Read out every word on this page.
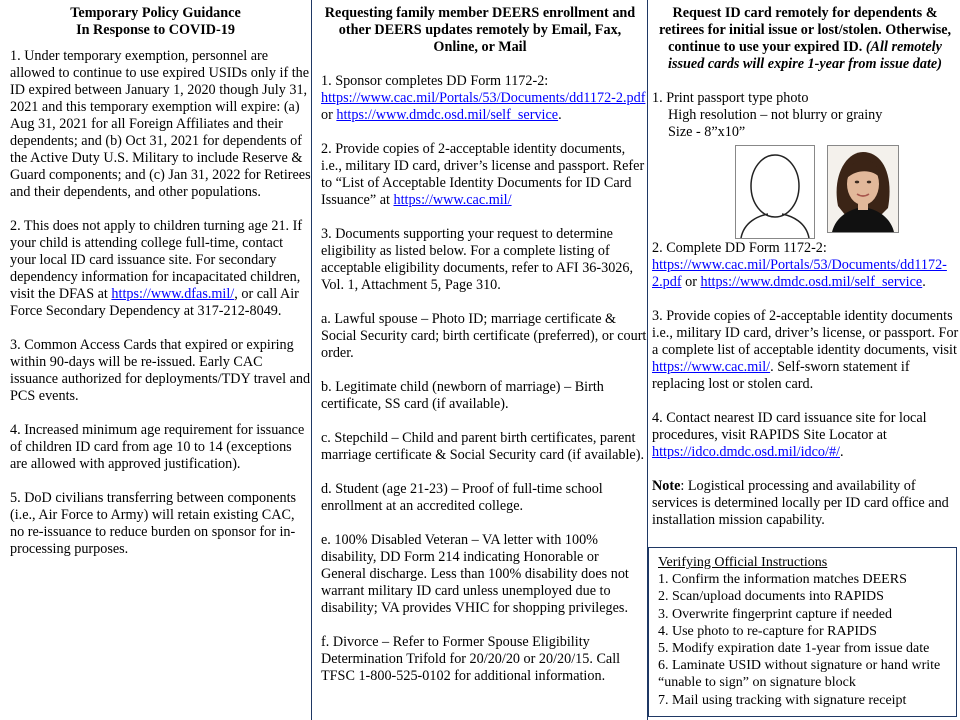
Temporary Policy Guidance
In Response to COVID-19

1. Under temporary exemption, personnel are allowed to continue to use expired USIDs only if the ID expired between January 1, 2020 though July 31, 2021 and this temporary exemption will expire: (a) Aug 31, 2021 for all Foreign Affiliates and their dependents; and (b) Oct 31, 2021 for dependents of the Active Duty U.S. Military to include Reserve & Guard components; and (c) Jan 31, 2022 for Retirees and their dependents, and other populations.

2. This does not apply to children turning age 21. If your child is attending college full-time, contact your local ID card issuance site. For secondary dependency information for incapacitated children, visit the DFAS at https://www.dfas.mil/, or call Air Force Secondary Dependency at 317-212-8049.

3. Common Access Cards that expired or expiring within 90-days will be re-issued. Early CAC issuance authorized for deployments/TDY travel and PCS events.

4. Increased minimum age requirement for issuance of children ID card from age 10 to 14 (exceptions are allowed with approved justification).

5. DoD civilians transferring between components (i.e., Air Force to Army) will retain existing CAC, no re-issuance to reduce burden on sponsor for in-processing purposes.

Requesting family member DEERS enrollment and other DEERS updates remotely by Email, Fax, Online, or Mail

1. Sponsor completes DD Form 1172-2: https://www.cac.mil/Portals/53/Documents/dd1172-2.pdf or https://www.dmdc.osd.mil/self_service.

2. Provide copies of 2-acceptable identity documents, i.e., military ID card, driver’s license and passport. Refer to “List of Acceptable Identity Documents for ID Card Issuance” at https://www.cac.mil/

3. Documents supporting your request to determine eligibility as listed below. For a complete listing of acceptable eligibility documents, refer to AFI 36-3026, Vol. 1, Attachment 5, Page 310.

a. Lawful spouse – Photo ID; marriage certificate & Social Security card; birth certificate (preferred), or court order.

b. Legitimate child (newborn of marriage) – Birth certificate, SS card (if available).

c. Stepchild – Child and parent birth certificates, parent marriage certificate & Social Security card (if available).

d. Student (age 21-23) – Proof of full-time school enrollment at an accredited college.

e. 100% Disabled Veteran – VA letter with 100% disability, DD Form 214 indicating Honorable or General discharge. Less than 100% disability does not warrant military ID card unless unemployed due to disability; VA provides VHIC for shopping privileges.

f. Divorce – Refer to Former Spouse Eligibility Determination Trifold for 20/20/20 or 20/20/15. Call TFSC 1-800-525-0102 for additional information.

Request ID card remotely for dependents & retirees for initial issue or lost/stolen. Otherwise, continue to use your expired ID. (All remotely issued cards will expire 1-year from issue date)
1. Print passport type photo
High resolution – not blurry or grainy
Size - 8”x10”

2. Complete DD Form 1172-2: https://www.cac.mil/Portals/53/Documents/dd1172-2.pdf or https://www.dmdc.osd.mil/self_service.

3. Provide copies of 2-acceptable identity documents i.e., military ID card, driver’s license, or passport. For a complete list of acceptable identity documents, visit https://www.cac.mil/. Self-sworn statement if replacing lost or stolen card.

4. Contact nearest ID card issuance site for local procedures, visit RAPIDS Site Locator at https://idco.dmdc.osd.mil/idco/#/.

Note: Logistical processing and availability of services is determined locally per ID card office and installation mission capability.

Verifying Official Instructions
1. Confirm the information matches DEERS
2. Scan/upload documents into RAPIDS
3. Overwrite fingerprint capture if needed
4. Use photo to re-capture for RAPIDS
5. Modify expiration date 1-year from issue date
6. Laminate USID without signature or hand write “unable to sign” on signature block
7. Mail using tracking with signature receipt
